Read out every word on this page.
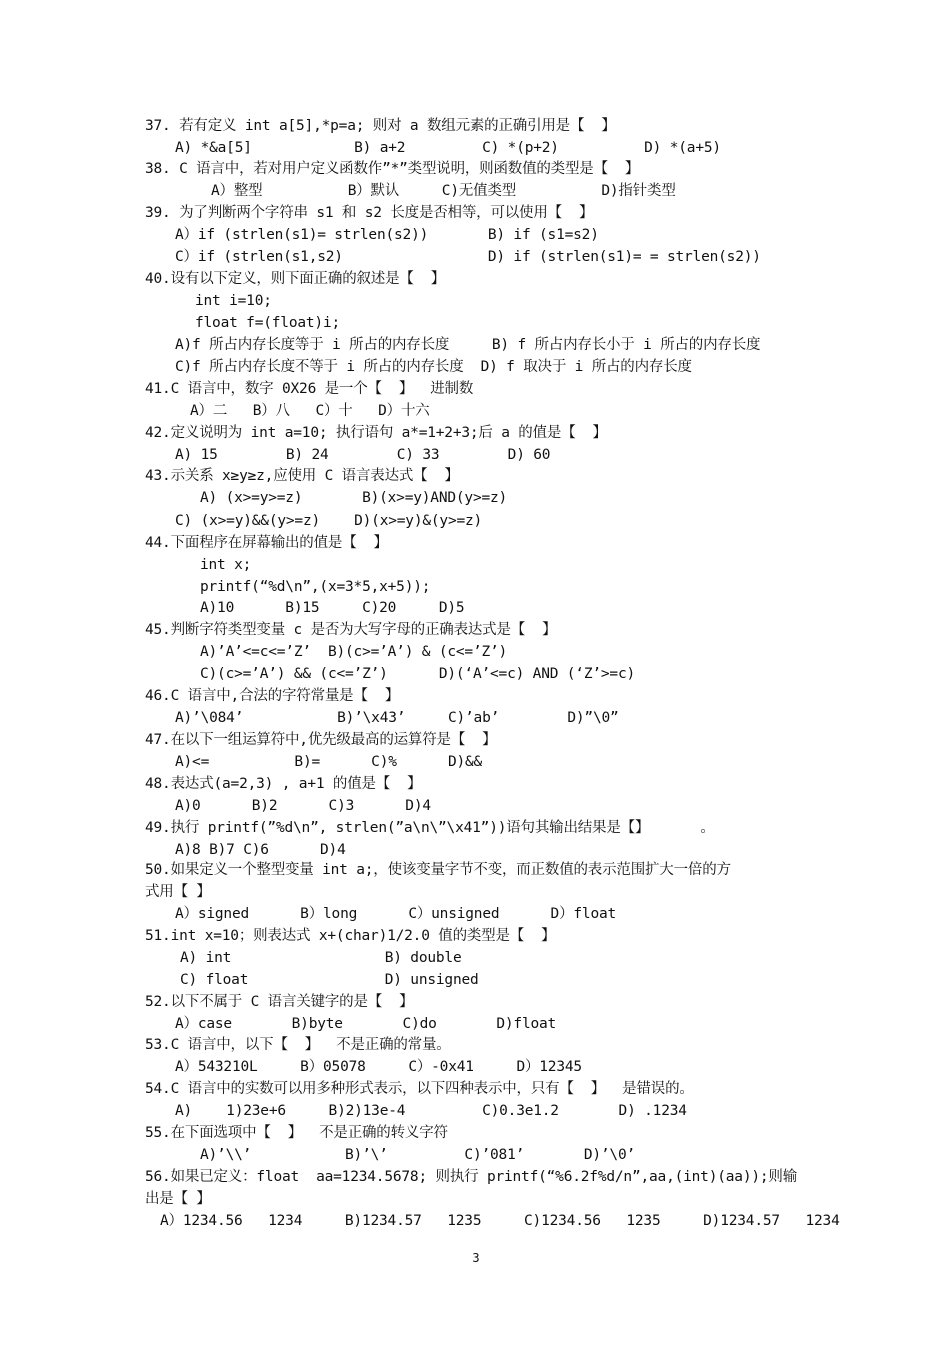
37. 若有定义 int a[5],*p=a; 则对 a 数组元素的正确引用是【  】
A) *&a[5]            B) a+2         C) *(p+2)          D) *(a+5)
38. C 语言中，若对用户定义函数作”*”类型说明，则函数值的类型是【  】
A）整型          B）默认     C)无值类型          D)指针类型
39. 为了判断两个字符串 s1 和 s2 长度是否相等，可以使用【  】
A）if (strlen(s1)= strlen(s2))       B) if (s1=s2)
C）if (strlen(s1,s2)                 D) if (strlen(s1)= = strlen(s2))
40.设有以下定义，则下面正确的叙述是【  】
int i=10;
float f=(float)i;
A)f 所占内存长度等于 i 所占的内存长度     B) f 所占内存长小于 i 所占的内存长度
C)f 所占内存长度不等于 i 所占的内存长度  D) f 取决于 i 所占的内存长度
41.C 语言中，数字 0X26 是一个【  】  进制数
A）二   B）八   C）十   D）十六
42.定义说明为 int a=10; 执行语句 a*=1+2+3;后 a 的值是【  】
A) 15        B) 24        C) 33        D) 60
43.示关系 x≥y≥z,应使用 C 语言表达式【  】
A) (x>=y>=z)       B)(x>=y)AND(y>=z)
C) (x>=y)&&(y>=z)    D)(x>=y)&(y>=z)
44.下面程序在屏幕输出的值是【  】
int x;
printf(“%d\n”,(x=3*5,x+5));
A)10      B)15     C)20     D)5
45.判断字符类型变量 c 是否为大写字母的正确表达式是【  】
A)’A’<=c<=’Z’  B)(c>=’A’) & (c<=’Z’)
C)(c>=’A’) && (c<=’Z’)      D)(‘A’<=c) AND (‘Z’>=c)
46.C 语言中,合法的字符常量是【  】
A)’\084’           B)’\x43’     C)’ab’        D)”\0”
47.在以下一组运算符中,优先级最高的运算符是【  】
A)<=          B)=      C)%      D)&&
48.表达式(a=2,3) , a+1 的值是【  】
A)0      B)2      C)3      D)4
49.执行 printf(”%d\n”, strlen(”a\n\”\x41”))语句其输出结果是【】      。
A)8 B)7 C)6      D)4
50.如果定义一个整型变量 int a;，使该变量字节不变，而正数值的表示范围扩大一倍的方
式用【 】
A）signed      B）long      C）unsigned      D）float
51.int x=10；则表达式 x+(char)1/2.0 值的类型是【  】
A) int                  B) double
C) float                D) unsigned
52.以下不属于 C 语言关键字的是【  】
A）case       B)byte       C)do       D)float
53.C 语言中，以下【  】  不是正确的常量。
A）543210L     B）05078     C）-0x41     D）12345
54.C 语言中的实数可以用多种形式表示，以下四种表示中，只有【  】  是错误的。
A)    1)23e+6     B)2)13e-4         C)0.3e1.2       D) .1234
55.在下面选项中【  】  不是正确的转义字符
A)’\\’           B)’\’         C)’081’       D)’\0’
56.如果已定义：float  aa=1234.5678; 则执行 printf(“%6.2f%d/n”,aa,(int)(aa));则输
出是【 】
A）1234.56   1234     B)1234.57   1235     C)1234.56   1235     D)1234.57   1234
3
